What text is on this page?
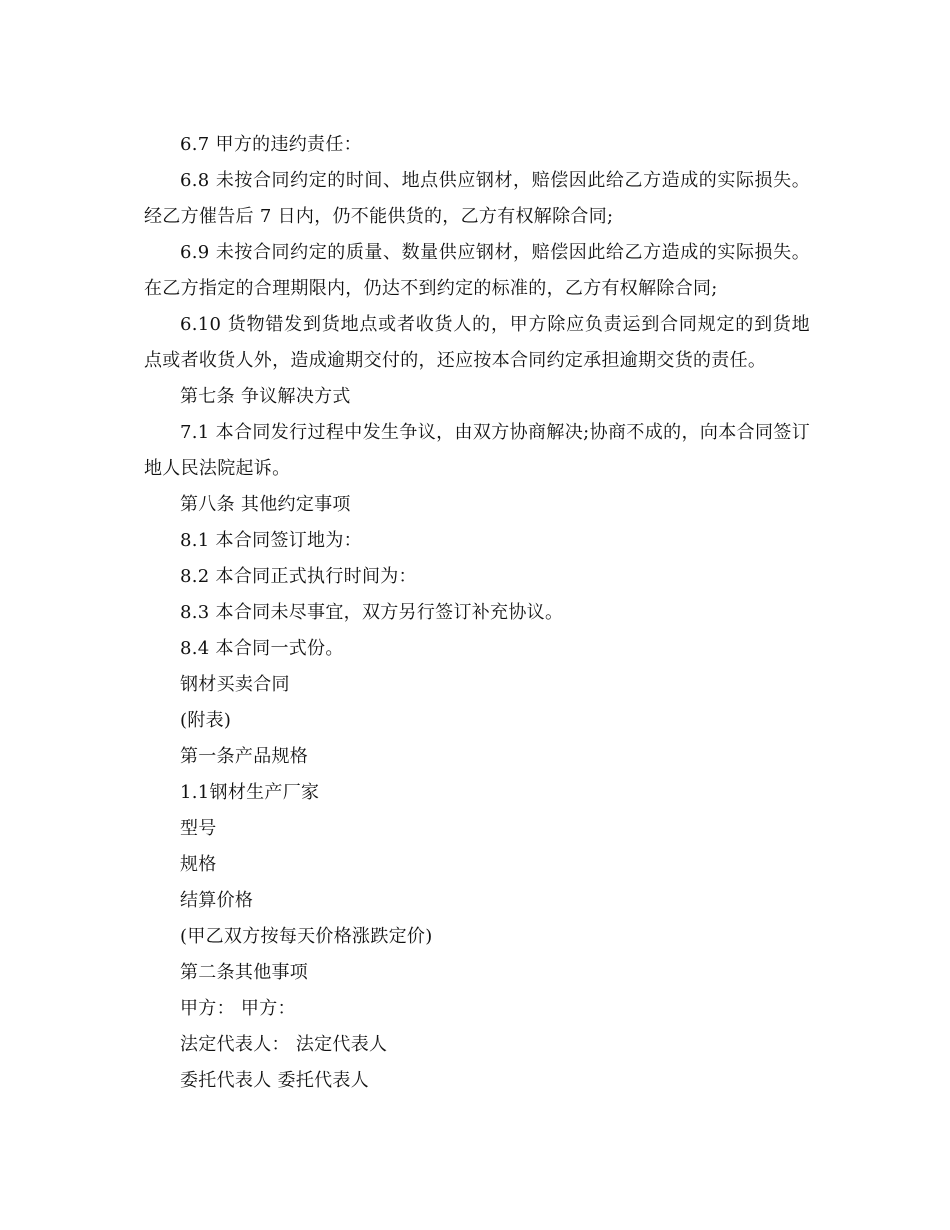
6.7 甲方的违约责任：

6.8 未按合同约定的时间、地点供应钢材，赔偿因此给乙方造成的实际损失。经乙方催告后 7 日内，仍不能供货的，乙方有权解除合同;

6.9 未按合同约定的质量、数量供应钢材，赔偿因此给乙方造成的实际损失。在乙方指定的合理期限内，仍达不到约定的标准的，乙方有权解除合同;

6.10 货物错发到货地点或者收货人的，甲方除应负责运到合同规定的到货地点或者收货人外，造成逾期交付的，还应按本合同约定承担逾期交货的责任。

第七条 争议解决方式

7.1 本合同发行过程中发生争议，由双方协商解决;协商不成的，向本合同签订地人民法院起诉。

第八条 其他约定事项

8.1 本合同签订地为：

8.2 本合同正式执行时间为：

8.3 本合同未尽事宜，双方另行签订补充协议。

8.4 本合同一式份。

钢材买卖合同

(附表)

第一条产品规格

1.1钢材生产厂家

型号

规格

结算价格

(甲乙双方按每天价格涨跌定价)

第二条其他事项

甲方： 甲方：

法定代表人： 法定代表人

委托代表人 委托代表人
